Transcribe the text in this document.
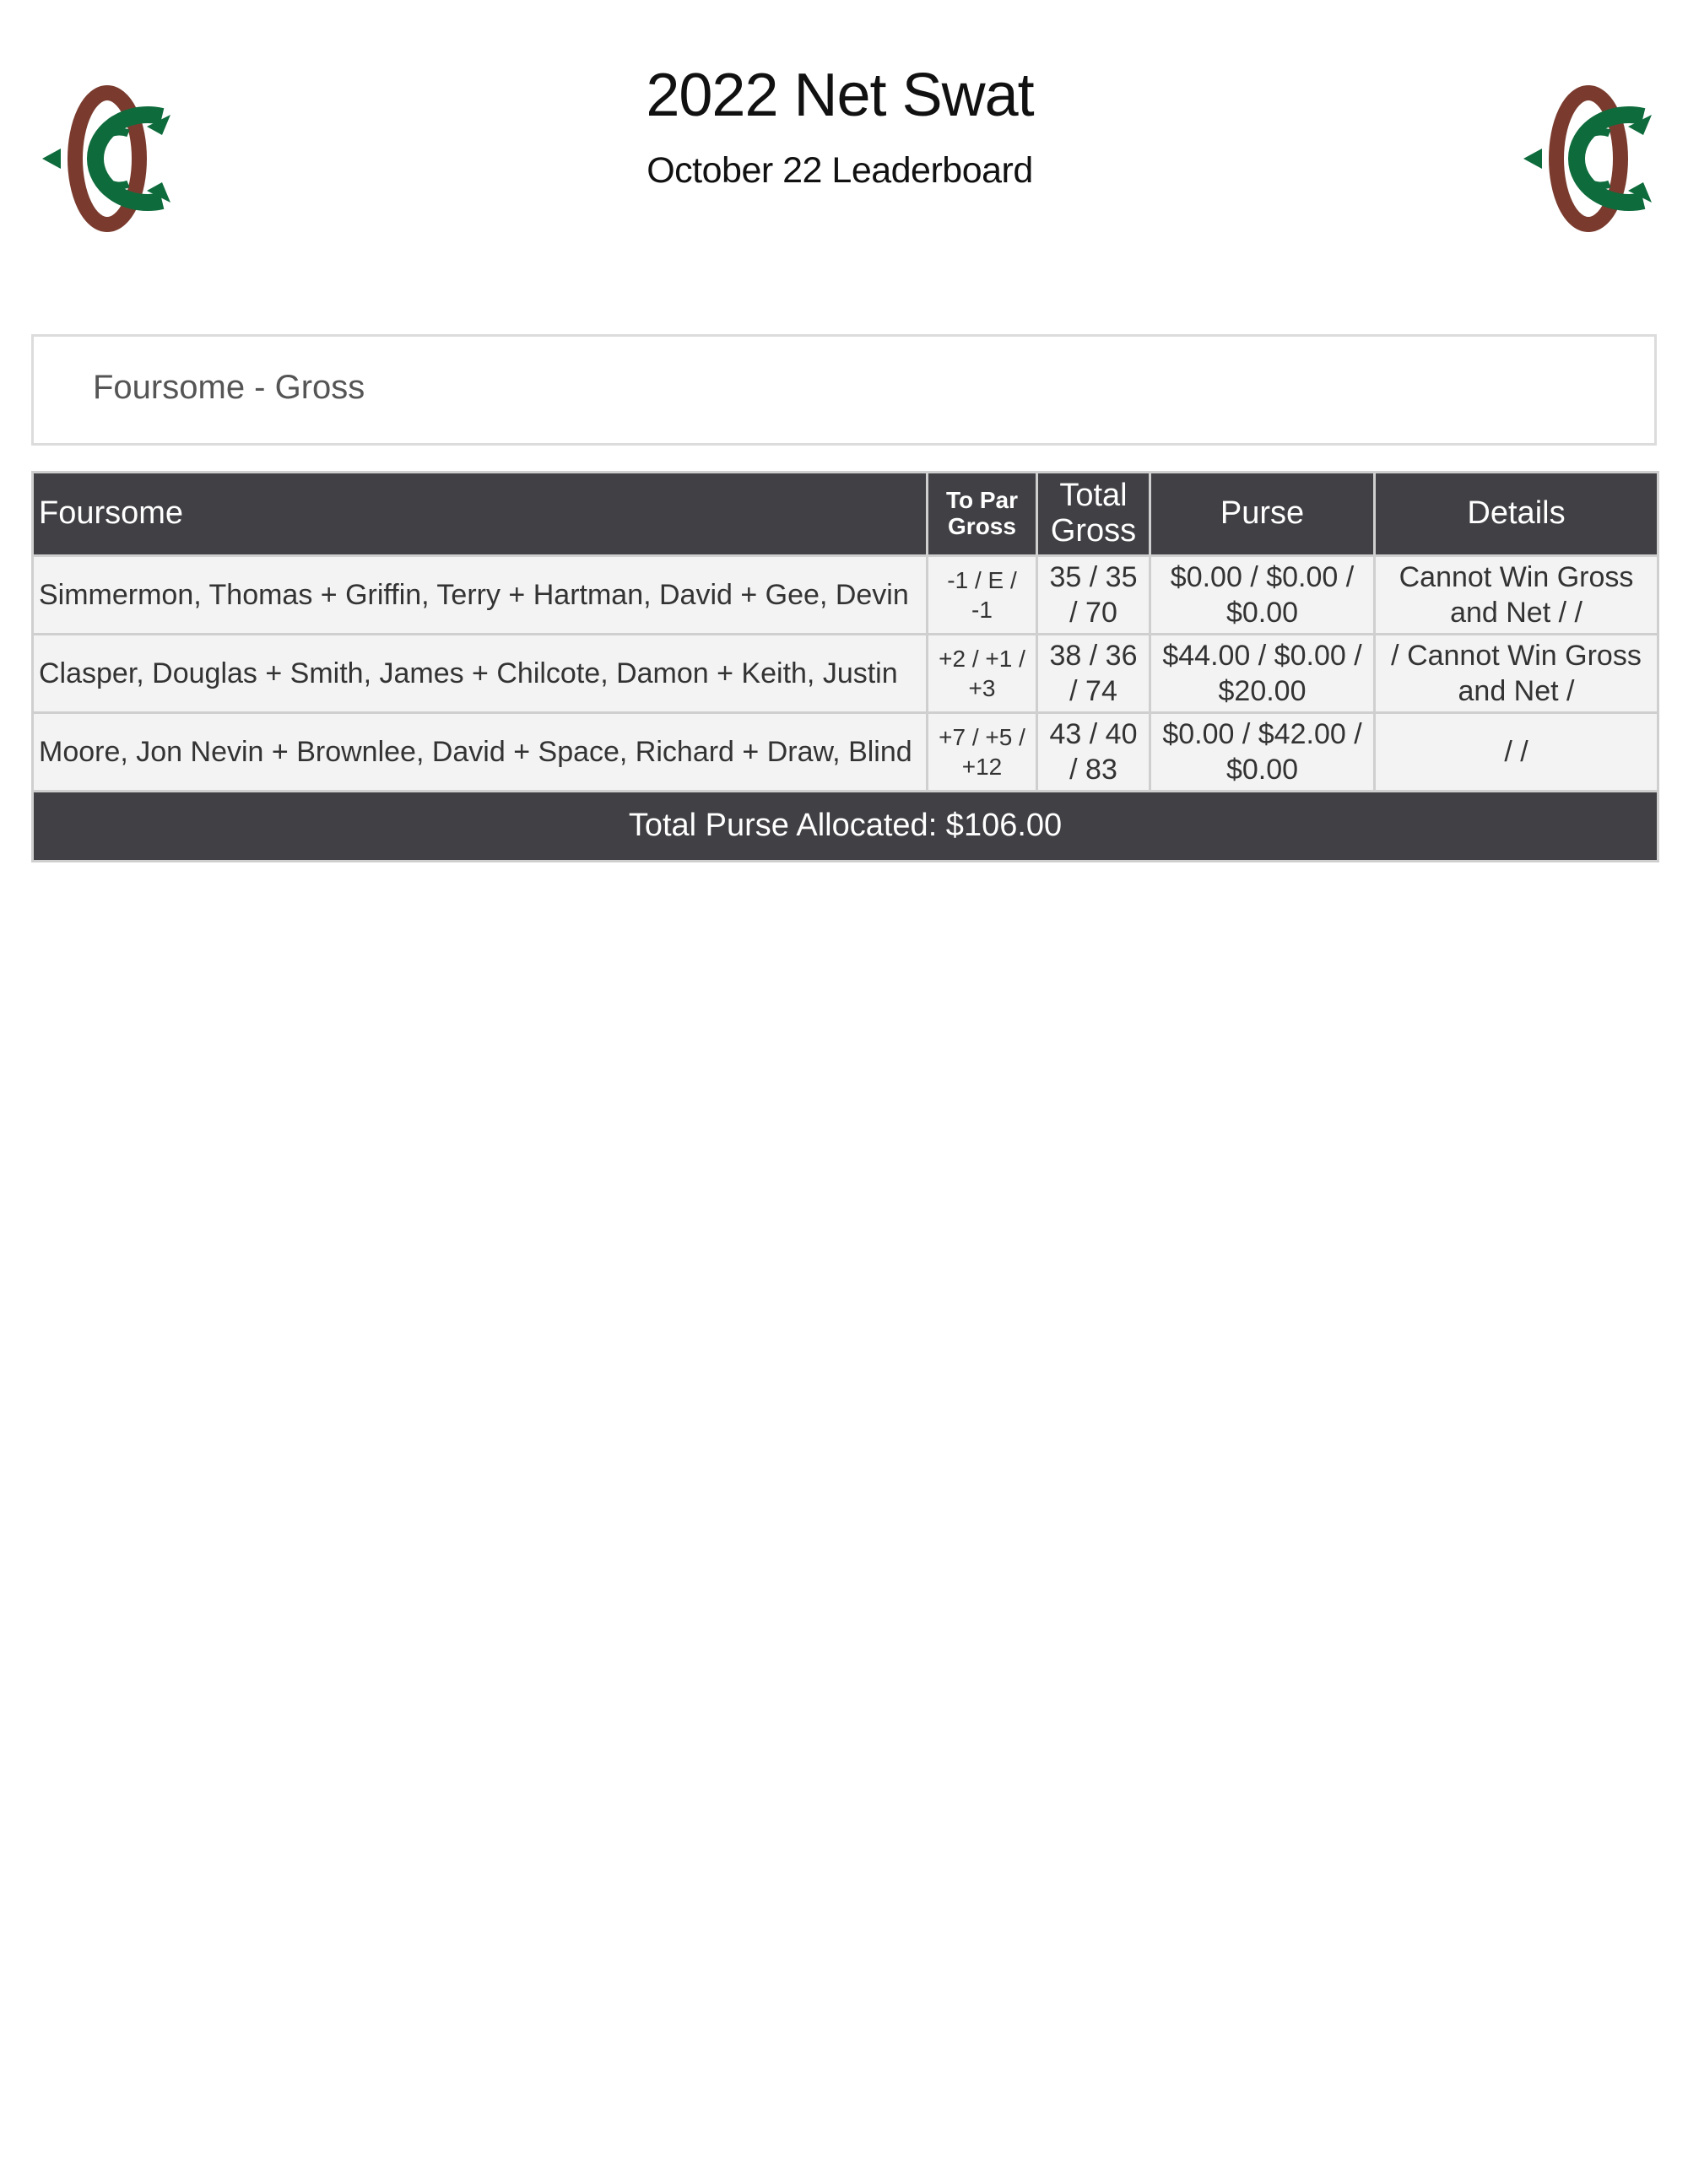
2022 Net Swat
October 22 Leaderboard
Foursome - Gross
Foursome	To Par Gross	Total Gross	Purse	Details
Simmermon, Thomas + Griffin, Terry + Hartman, David + Gee, Devin	-1 / E / -1	35 / 35 / 70	$0.00 / $0.00 / $0.00	Cannot Win Gross and Net / /
Clasper, Douglas + Smith, James + Chilcote, Damon + Keith, Justin	+2 / +1 / +3	38 / 36 / 74	$44.00 / $0.00 / $20.00	/ Cannot Win Gross and Net /
Moore, Jon Nevin + Brownlee, David + Space, Richard + Draw, Blind	+7 / +5 / +12	43 / 40 / 83	$0.00 / $42.00 / $0.00	/ /
Total Purse Allocated: $106.00				
